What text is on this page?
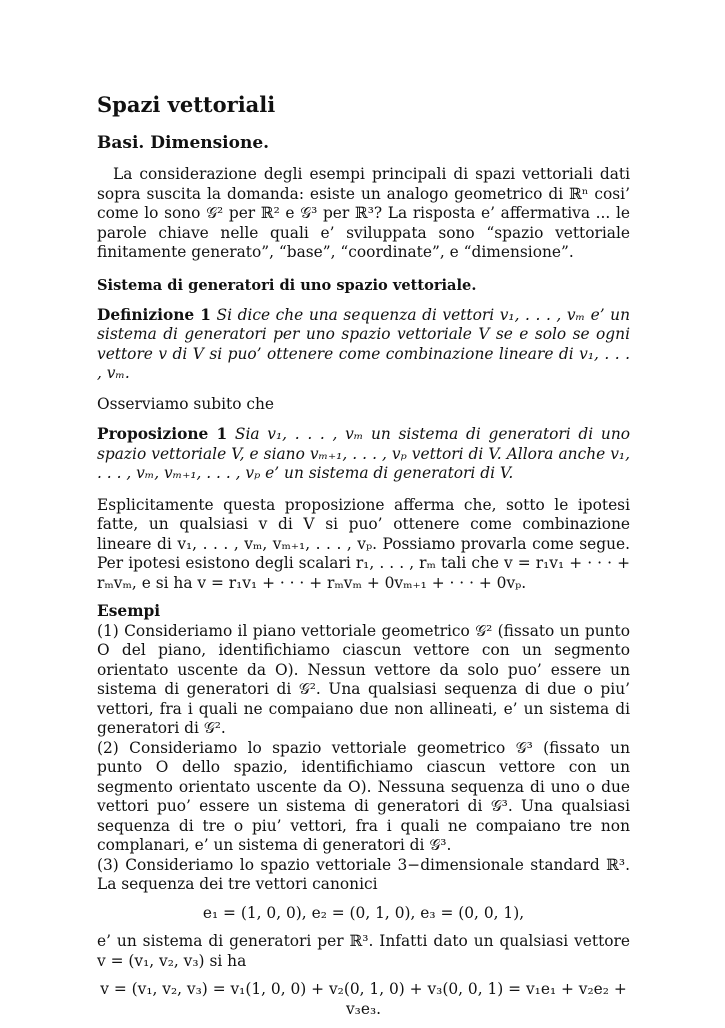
Spazi vettoriali
Basi. Dimensione.

La considerazione degli esempi principali di spazi vettoriali dati sopra suscita la domanda: esiste un analogo geometrico di ℝⁿ cosi’ come lo sono 𝒢² per ℝ² e 𝒢³ per ℝ³? La risposta e’ affermativa ... le parole chiave nelle quali e’ sviluppata sono “spazio vettoriale finitamente generato”, “base”, “coordinate”, e “dimensione”.

Sistema di generatori di uno spazio vettoriale.

Definizione 1 Si dice che una sequenza di vettori v₁, . . . , vₘ e’ un sistema di generatori per uno spazio vettoriale V se e solo se ogni vettore v di V si puo’ ottenere come combinazione lineare di v₁, . . . , vₘ.

Osserviamo subito che

Proposizione 1 Sia v₁, . . . , vₘ un sistema di generatori di uno spazio vettoriale V, e siano vₘ₊₁, . . . , vₚ vettori di V. Allora anche v₁, . . . , vₘ, vₘ₊₁, . . . , vₚ e’ un sistema di generatori di V.

Esplicitamente questa proposizione afferma che, sotto le ipotesi fatte, un qualsiasi v di V si puo’ ottenere come combinazione lineare di v₁, . . . , vₘ, vₘ₊₁, . . . , vₚ. Possiamo provarla come segue. Per ipotesi esistono degli scalari r₁, . . . , rₘ tali che v = r₁v₁ + · · · + rₘvₘ, e si ha v = r₁v₁ + · · · + rₘvₘ + 0vₘ₊₁ + · · · + 0vₚ.

Esempi

(1) Consideriamo il piano vettoriale geometrico 𝒢² (fissato un punto O del piano, identifichiamo ciascun vettore con un segmento orientato uscente da O). Nessun vettore da solo puo’ essere un sistema di generatori di 𝒢². Una qualsiasi sequenza di due o piu’ vettori, fra i quali ne compaiano due non allineati, e’ un sistema di generatori di 𝒢².

(2) Consideriamo lo spazio vettoriale geometrico 𝒢³ (fissato un punto O dello spazio, identifichiamo ciascun vettore con un segmento orientato uscente da O). Nessuna sequenza di uno o due vettori puo’ essere un sistema di generatori di 𝒢³. Una qualsiasi sequenza di tre o piu’ vettori, fra i quali ne compaiano tre non complanari, e’ un sistema di generatori di 𝒢³.

(3) Consideriamo lo spazio vettoriale 3−dimensionale standard ℝ³. La sequenza dei tre vettori canonici

e₁ = (1, 0, 0), e₂ = (0, 1, 0), e₃ = (0, 0, 1),

e’ un sistema di generatori per ℝ³. Infatti dato un qualsiasi vettore v = (v₁, v₂, v₃) si ha

v = (v₁, v₂, v₃) = v₁(1, 0, 0) + v₂(0, 1, 0) + v₃(0, 0, 1) = v₁e₁ + v₂e₂ + v₃e₃.
